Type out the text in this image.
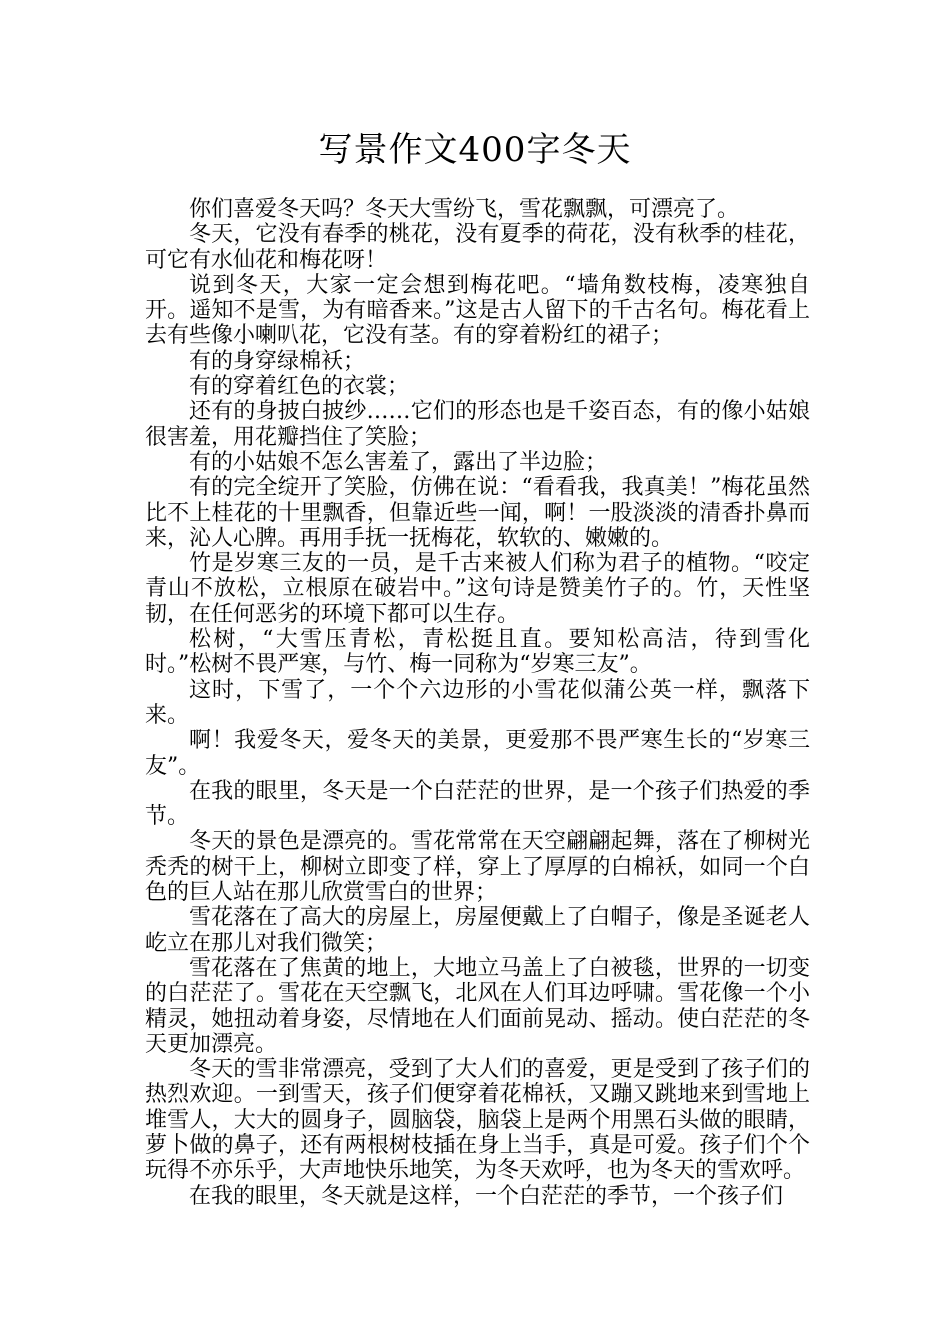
写景作文400字冬天

你们喜爱冬天吗？冬天大雪纷飞，雪花飘飘，可漂亮了。

冬天，它没有春季的桃花，没有夏季的荷花，没有秋季的桂花，可它有水仙花和梅花呀！

说到冬天，大家一定会想到梅花吧。“墙角数枝梅，凌寒独自开。遥知不是雪，为有暗香来。”这是古人留下的千古名句。梅花看上去有些像小喇叭花，它没有茎。有的穿着粉红的裙子；

有的身穿绿棉袄；

有的穿着红色的衣裳；

还有的身披白披纱……它们的形态也是千姿百态，有的像小姑娘很害羞，用花瓣挡住了笑脸；

有的小姑娘不怎么害羞了，露出了半边脸；

有的完全绽开了笑脸，仿佛在说：“看看我，我真美！”梅花虽然比不上桂花的十里飘香，但靠近些一闻，啊！一股淡淡的清香扑鼻而来，沁人心脾。再用手抚一抚梅花，软软的、嫩嫩的。

竹是岁寒三友的一员，是千古来被人们称为君子的植物。“咬定青山不放松，立根原在破岩中。”这句诗是赞美竹子的。竹，天性坚韧，在任何恶劣的环境下都可以生存。

松树，“大雪压青松，青松挺且直。要知松高洁，待到雪化时。”松树不畏严寒，与竹、梅一同称为“岁寒三友”。

这时，下雪了，一个个六边形的小雪花似蒲公英一样，飘落下来。

啊！我爱冬天，爱冬天的美景，更爱那不畏严寒生长的“岁寒三友”。

在我的眼里，冬天是一个白茫茫的世界，是一个孩子们热爱的季节。

冬天的景色是漂亮的。雪花常常在天空翩翩起舞，落在了柳树光秃秃的树干上，柳树立即变了样，穿上了厚厚的白棉袄，如同一个白色的巨人站在那儿欣赏雪白的世界；

雪花落在了高大的房屋上，房屋便戴上了白帽子，像是圣诞老人屹立在那儿对我们微笑；

雪花落在了焦黄的地上，大地立马盖上了白被毯，世界的一切变的白茫茫了。雪花在天空飘飞，北风在人们耳边呼啸。雪花像一个小精灵，她扭动着身姿，尽情地在人们面前晃动、摇动。使白茫茫的冬天更加漂亮。

冬天的雪非常漂亮，受到了大人们的喜爱，更是受到了孩子们的热烈欢迎。一到雪天，孩子们便穿着花棉袄，又蹦又跳地来到雪地上堆雪人，大大的圆身子，圆脑袋，脑袋上是两个用黑石头做的眼睛，萝卜做的鼻子，还有两根树枝插在身上当手，真是可爱。孩子们个个玩得不亦乐乎，大声地快乐地笑，为冬天欢呼，也为冬天的雪欢呼。

在我的眼里，冬天就是这样，一个白茫茫的季节，一个孩子们
